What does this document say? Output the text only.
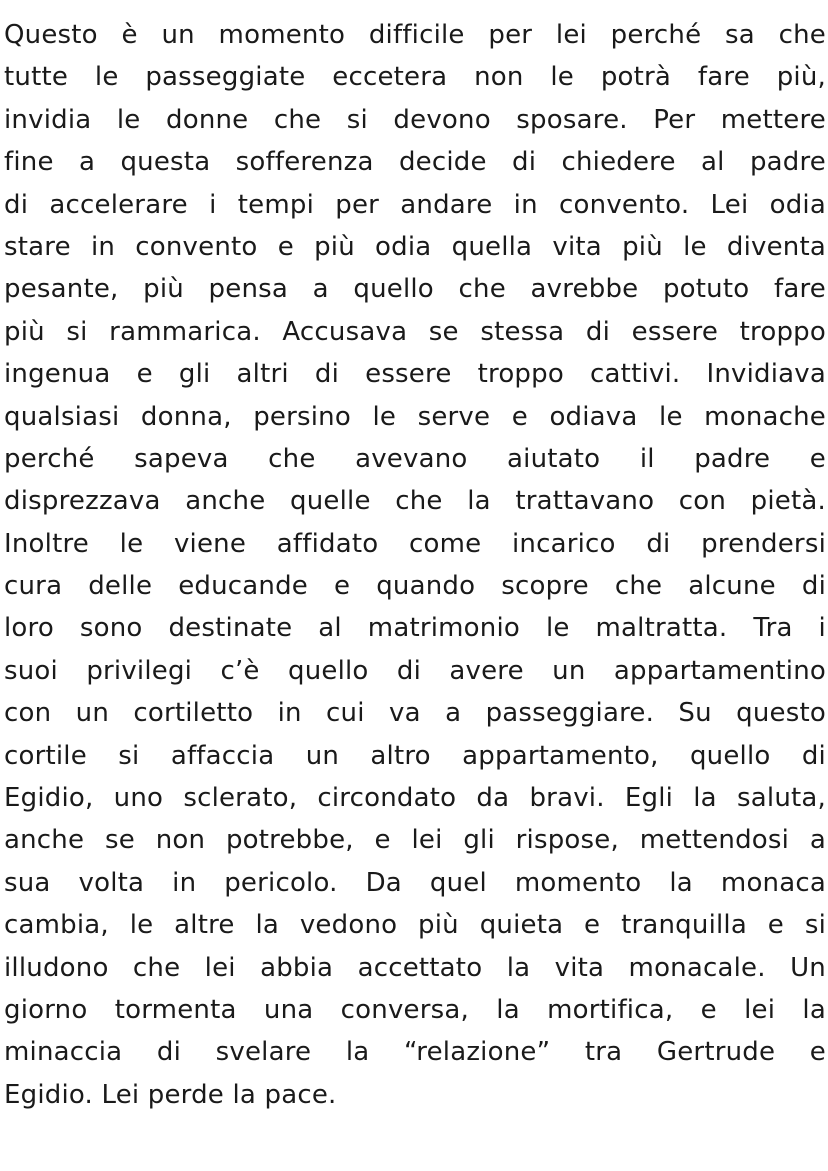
Questo è un momento difficile per lei perché sa che
tutte le passeggiate eccetera non le potrà fare più,
invidia le donne che si devono sposare. Per mettere
fine a questa sofferenza decide di chiedere al padre
di accelerare i tempi per andare in convento. Lei odia
stare in convento e più odia quella vita più le diventa
pesante, più pensa a quello che avrebbe potuto fare
più si rammarica. Accusava se stessa di essere troppo
ingenua e gli altri di essere troppo cattivi. Invidiava
qualsiasi donna, persino le serve e odiava le monache
perché sapeva che avevano aiutato il padre e
disprezzava anche quelle che la trattavano con pietà.
Inoltre le viene affidato come incarico di prendersi
cura delle educande e quando scopre che alcune di
loro sono destinate al matrimonio le maltratta. Tra i
suoi privilegi c’è quello di avere un appartamentino
con un cortiletto in cui va a passeggiare. Su questo
cortile si affaccia un altro appartamento, quello di
Egidio, uno sclerato, circondato da bravi. Egli la saluta,
anche se non potrebbe, e lei gli rispose, mettendosi a
sua volta in pericolo. Da quel momento la monaca
cambia, le altre la vedono più quieta e tranquilla e si
illudono che lei abbia accettato la vita monacale. Un
giorno tormenta una conversa, la mortifica, e lei la
minaccia di svelare la “relazione” tra Gertrude e
Egidio. Lei perde la pace.
